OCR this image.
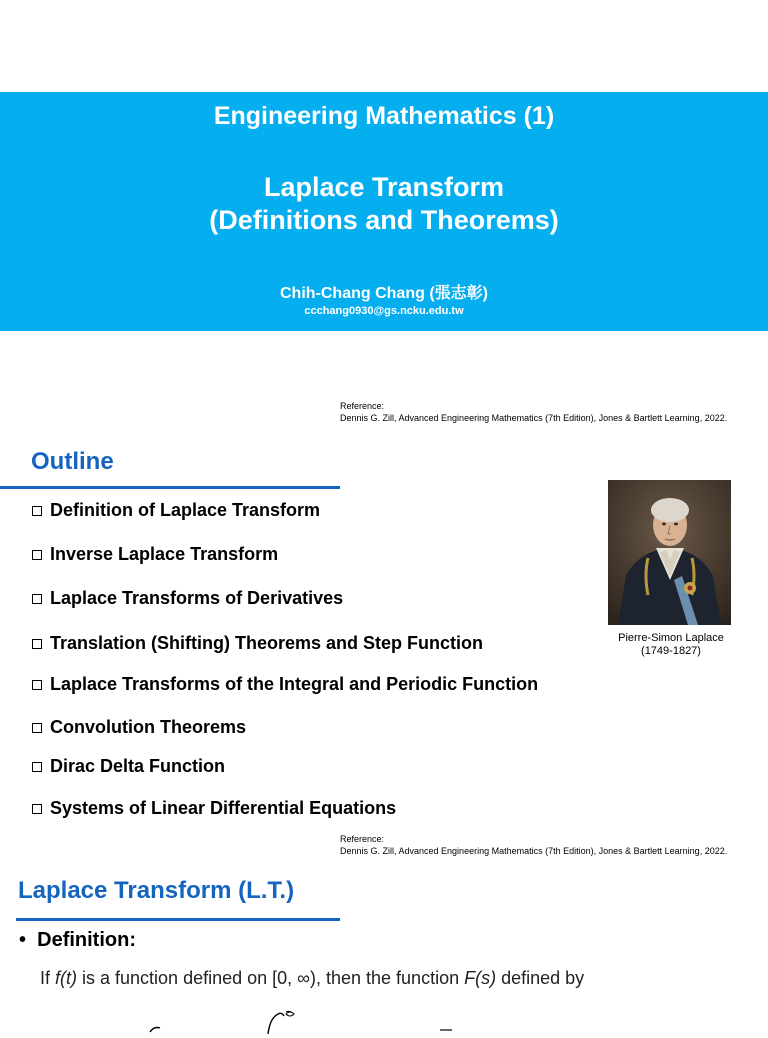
Engineering Mathematics (1)
Laplace Transform
(Definitions and Theorems)
Chih-Chang Chang (張志彰)
ccchang0930@gs.ncku.edu.tw
Reference:
Dennis G. Zill, Advanced Engineering Mathematics (7th Edition), Jones & Bartlett Learning, 2022.
Outline
Definition of Laplace Transform
Inverse Laplace Transform
Laplace Transforms of Derivatives
Translation (Shifting) Theorems and Step Function
Laplace Transforms of the Integral and Periodic Function
Convolution Theorems
Dirac Delta Function
Systems of Linear Differential Equations
Pierre-Simon Laplace
(1749-1827)
Reference:
Dennis G. Zill, Advanced Engineering Mathematics (7th Edition), Jones & Bartlett Learning, 2022.
Laplace Transform (L.T.)
•  Definition:
If f(t) is a function defined on [0, ∞), then the function F(s) defined by
